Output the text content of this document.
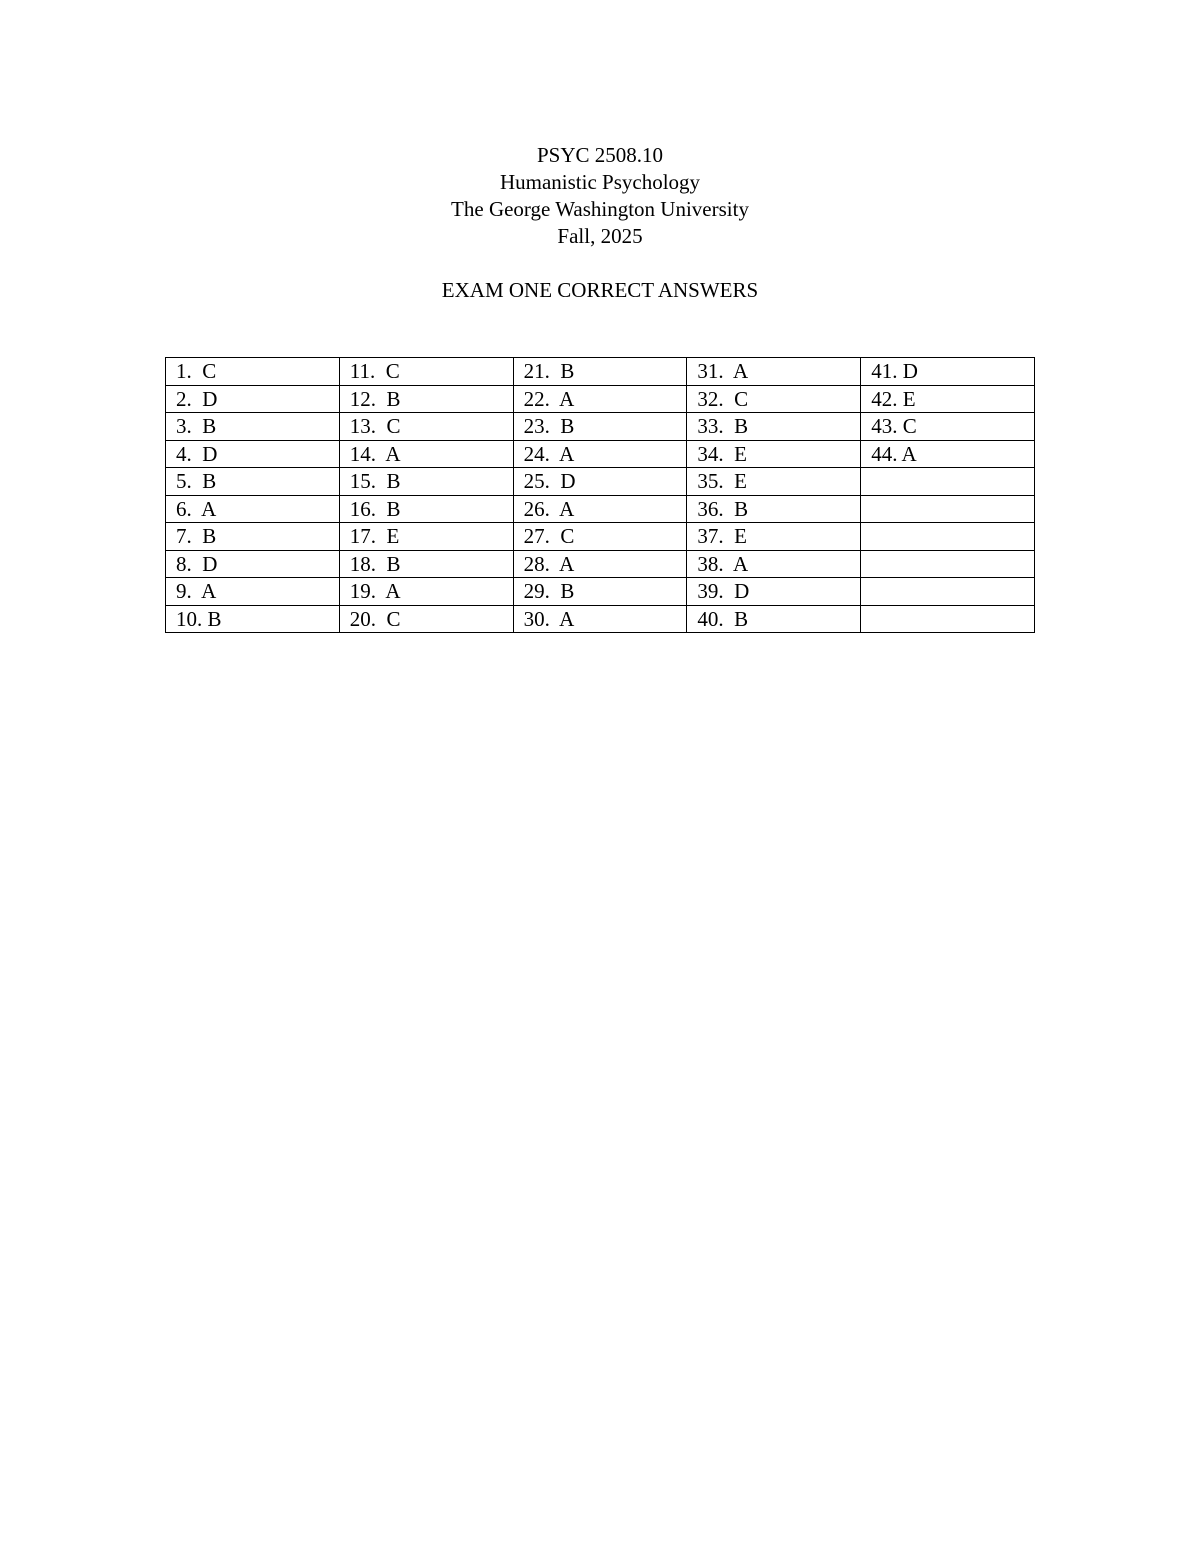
PSYC 2508.10
Humanistic Psychology
The George Washington University
Fall, 2025
EXAM ONE CORRECT ANSWERS
1.  C	11.  C	21.  B	31.  A	41. D
2.  D	12.  B	22.  A	32.  C	42. E
3.  B	13.  C	23.  B	33.  B	43. C
4.  D	14.  A	24.  A	34.  E	44. A
5.  B	15.  B	25.  D	35.  E	
6.  A	16.  B	26.  A	36.  B	
7.  B	17.  E	27.  C	37.  E	
8.  D	18.  B	28.  A	38.  A	
9.  A	19.  A	29.  B	39.  D	
10. B	20.  C	30.  A	40.  B	
